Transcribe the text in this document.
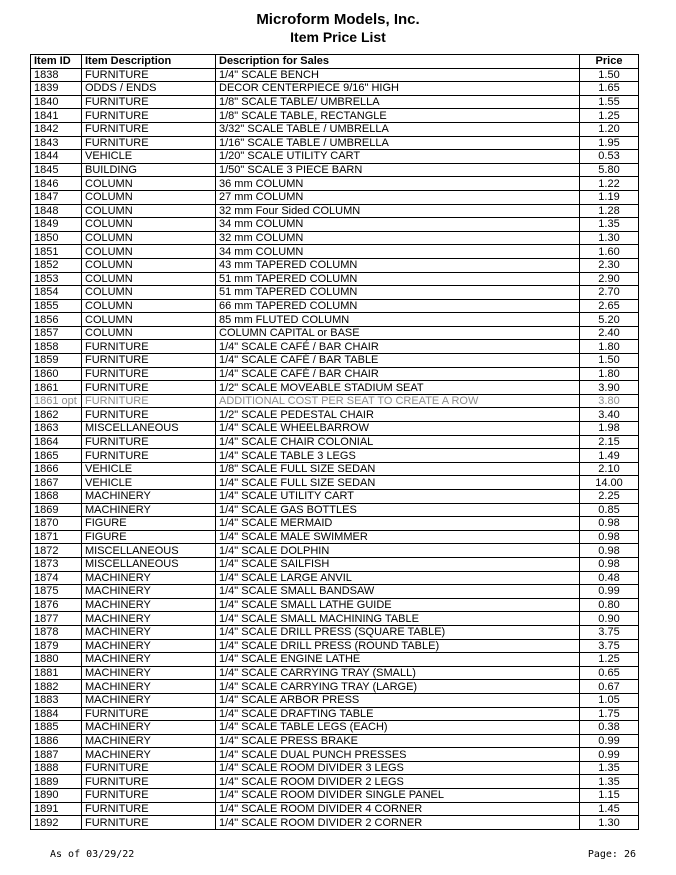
Microform Models, Inc.
Item Price List
Item ID	Item Description	Description for Sales	Price
1838	FURNITURE	1/4" SCALE BENCH	1.50
1839	ODDS / ENDS	DECOR CENTERPIECE 9/16" HIGH	1.65
1840	FURNITURE	1/8" SCALE TABLE/ UMBRELLA	1.55
1841	FURNITURE	1/8" SCALE TABLE, RECTANGLE	1.25
1842	FURNITURE	3/32" SCALE TABLE / UMBRELLA	1.20
1843	FURNITURE	1/16" SCALE TABLE / UMBRELLA	1.95
1844	VEHICLE	1/20" SCALE UTILITY CART	0.53
1845	BUILDING	1/50" SCALE 3 PIECE BARN	5.80
1846	COLUMN	36 mm COLUMN	1.22
1847	COLUMN	27 mm COLUMN	1.19
1848	COLUMN	32 mm Four Sided COLUMN	1.28
1849	COLUMN	34 mm COLUMN	1.35
1850	COLUMN	32 mm COLUMN	1.30
1851	COLUMN	34 mm COLUMN	1.60
1852	COLUMN	43 mm TAPERED COLUMN	2.30
1853	COLUMN	51 mm TAPERED COLUMN	2.90
1854	COLUMN	51 mm TAPERED COLUMN	2.70
1855	COLUMN	66 mm TAPERED COLUMN	2.65
1856	COLUMN	85 mm FLUTED COLUMN	5.20
1857	COLUMN	COLUMN CAPITAL or BASE	2.40
1858	FURNITURE	1/4" SCALE CAFÉ / BAR CHAIR	1.80
1859	FURNITURE	1/4" SCALE CAFÉ / BAR TABLE	1.50
1860	FURNITURE	1/4" SCALE CAFÉ / BAR CHAIR	1.80
1861	FURNITURE	1/2" SCALE MOVEABLE STADIUM SEAT	3.90
1861 opt	FURNITURE	ADDITIONAL COST PER SEAT TO CREATE A ROW	3.80
1862	FURNITURE	1/2" SCALE PEDESTAL CHAIR	3.40
1863	MISCELLANEOUS	1/4" SCALE WHEELBARROW	1.98
1864	FURNITURE	1/4" SCALE CHAIR COLONIAL	2.15
1865	FURNITURE	1/4" SCALE TABLE 3 LEGS	1.49
1866	VEHICLE	1/8" SCALE FULL SIZE SEDAN	2.10
1867	VEHICLE	1/4" SCALE FULL SIZE SEDAN	14.00
1868	MACHINERY	1/4" SCALE UTILITY CART	2.25
1869	MACHINERY	1/4" SCALE GAS BOTTLES	0.85
1870	FIGURE	1/4" SCALE MERMAID	0.98
1871	FIGURE	1/4" SCALE MALE SWIMMER	0.98
1872	MISCELLANEOUS	1/4" SCALE DOLPHIN	0.98
1873	MISCELLANEOUS	1/4" SCALE SAILFISH	0.98
1874	MACHINERY	1/4" SCALE LARGE ANVIL	0.48
1875	MACHINERY	1/4" SCALE SMALL BANDSAW	0.99
1876	MACHINERY	1/4" SCALE SMALL LATHE GUIDE	0.80
1877	MACHINERY	1/4" SCALE SMALL MACHINING TABLE	0.90
1878	MACHINERY	1/4" SCALE DRILL PRESS (SQUARE TABLE)	3.75
1879	MACHINERY	1/4" SCALE DRILL PRESS (ROUND TABLE)	3.75
1880	MACHINERY	1/4" SCALE ENGINE LATHE	1.25
1881	MACHINERY	1/4" SCALE CARRYING TRAY (SMALL)	0.65
1882	MACHINERY	1/4" SCALE CARRYING TRAY (LARGE)	0.67
1883	MACHINERY	1/4" SCALE ARBOR PRESS	1.05
1884	FURNITURE	1/4" SCALE DRAFTING TABLE	1.75
1885	MACHINERY	1/4" SCALE TABLE LEGS (EACH)	0.38
1886	MACHINERY	1/4" SCALE PRESS BRAKE	0.99
1887	MACHINERY	1/4" SCALE DUAL PUNCH PRESSES	0.99
1888	FURNITURE	1/4" SCALE ROOM DIVIDER 3 LEGS	1.35
1889	FURNITURE	1/4" SCALE ROOM DIVIDER 2 LEGS	1.35
1890	FURNITURE	1/4" SCALE ROOM DIVIDER SINGLE PANEL	1.15
1891	FURNITURE	1/4" SCALE ROOM DIVIDER 4 CORNER	1.45
1892	FURNITURE	1/4" SCALE ROOM DIVIDER 2 CORNER	1.30
As of 03/29/22	Page: 26
